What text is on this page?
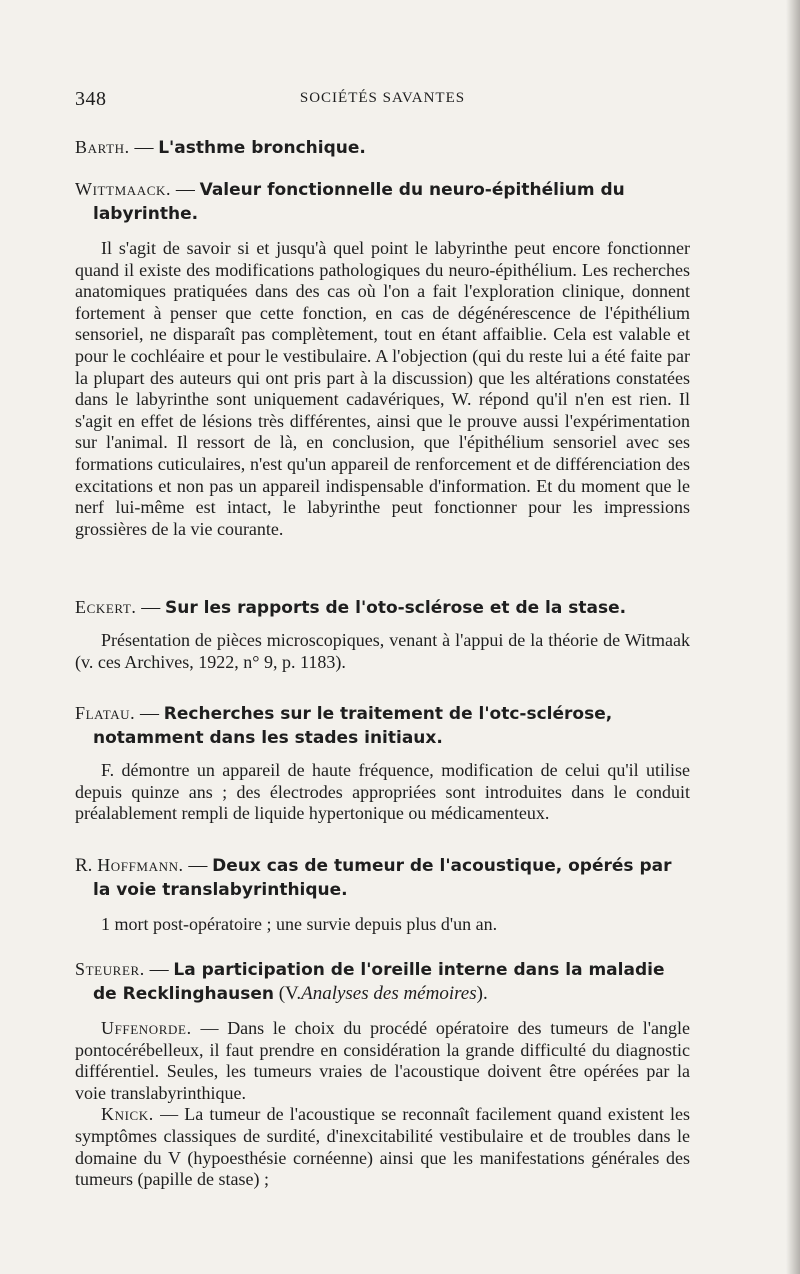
348	SOCIÉTÉS SAVANTES
Barth. — L'asthme bronchique.
Wittmaack. — Valeur fonctionnelle du neuro-épithélium du labyrinthe.

Il s'agit de savoir si et jusqu'à quel point le labyrinthe peut encore fonctionner quand il existe des modifications pathologiques du neuro-épithélium. Les recherches anatomiques pratiquées dans des cas où l'on a fait l'exploration clinique, donnent fortement à penser que cette fonction, en cas de dégénérescence de l'épithélium sensoriel, ne disparaît pas complètement, tout en étant affaiblie. Cela est valable et pour le cochléaire et pour le vestibulaire. A l'objection (qui du reste lui a été faite par la plupart des auteurs qui ont pris part à la discussion) que les altérations constatées dans le labyrinthe sont uniquement cadavériques, W. répond qu'il n'en est rien. Il s'agit en effet de lésions très différentes, ainsi que le prouve aussi l'expérimentation sur l'animal. Il ressort de là, en conclusion, que l'épithélium sensoriel avec ses formations cuticulaires, n'est qu'un appareil de renforcement et de différenciation des excitations et non pas un appareil indispensable d'information. Et du moment que le nerf lui-même est intact, le labyrinthe peut fonctionner pour les impressions grossières de la vie courante.

Eckert. — Sur les rapports de l'oto-sclérose et de la stase.

Présentation de pièces microscopiques, venant à l'appui de la théorie de Witmaak (v. ces Archives, 1922, n° 9, p. 1183).

Flatau. — Recherches sur le traitement de l'otc-sclérose, notamment dans les stades initiaux.

F. démontre un appareil de haute fréquence, modification de celui qu'il utilise depuis quinze ans ; des électrodes appropriées sont introduites dans le conduit préalablement rempli de liquide hypertonique ou médicamenteux.

R. Hoffmann. — Deux cas de tumeur de l'acoustique, opérés par la voie translabyrinthique.

1 mort post-opératoire ; une survie depuis plus d'un an.

Steurer. — La participation de l'oreille interne dans la maladie de Recklinghausen (V.Analyses des mémoires).

Uffenorde. — Dans le choix du procédé opératoire des tumeurs de l'angle pontocérébelleux, il faut prendre en considération la grande difficulté du diagnostic différentiel. Seules, les tumeurs vraies de l'acoustique doivent être opérées par la voie translabyrinthique.

Knick. — La tumeur de l'acoustique se reconnaît facilement quand existent les symptômes classiques de surdité, d'inexcitabilité vestibulaire et de troubles dans le domaine du V (hypoesthésie cornéenne) ainsi que les manifestations générales des tumeurs (papille de stase) ;
